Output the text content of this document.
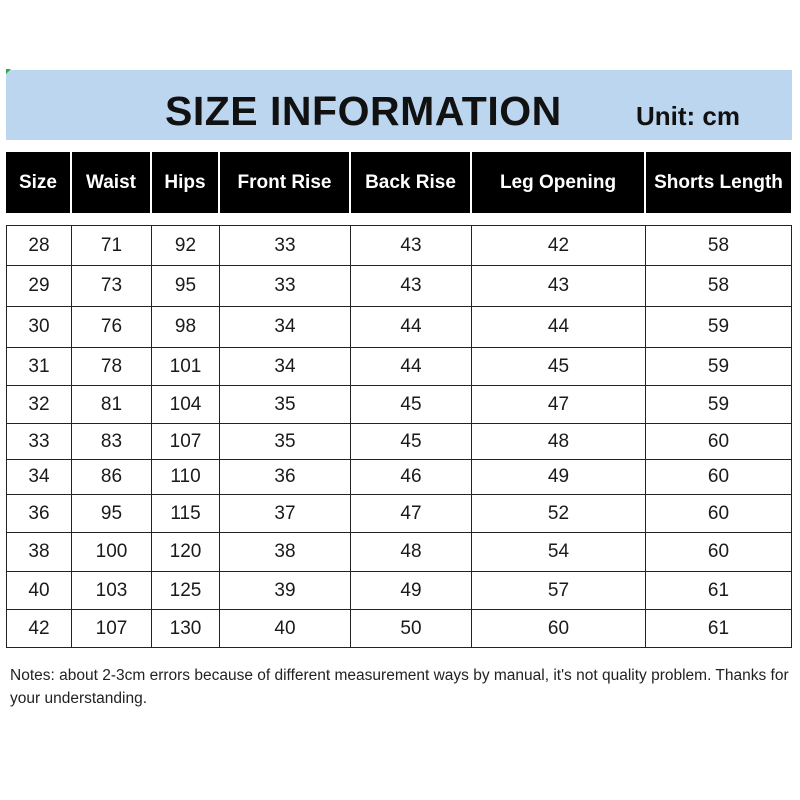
SIZE INFORMATION	Unit: cm
Size	Waist	Hips	Front Rise	Back Rise	Leg Opening	Shorts Length
28	71	92	33	43	42	58
29	73	95	33	43	43	58
30	76	98	34	44	44	59
31	78	101	34	44	45	59
32	81	104	35	45	47	59
33	83	107	35	45	48	60
34	86	110	36	46	49	60
36	95	115	37	47	52	60
38	100	120	38	48	54	60
40	103	125	39	49	57	61
42	107	130	40	50	60	61
Notes: about 2-3cm errors because of different measurement ways by manual, it's not quality problem. Thanks for your understanding.
